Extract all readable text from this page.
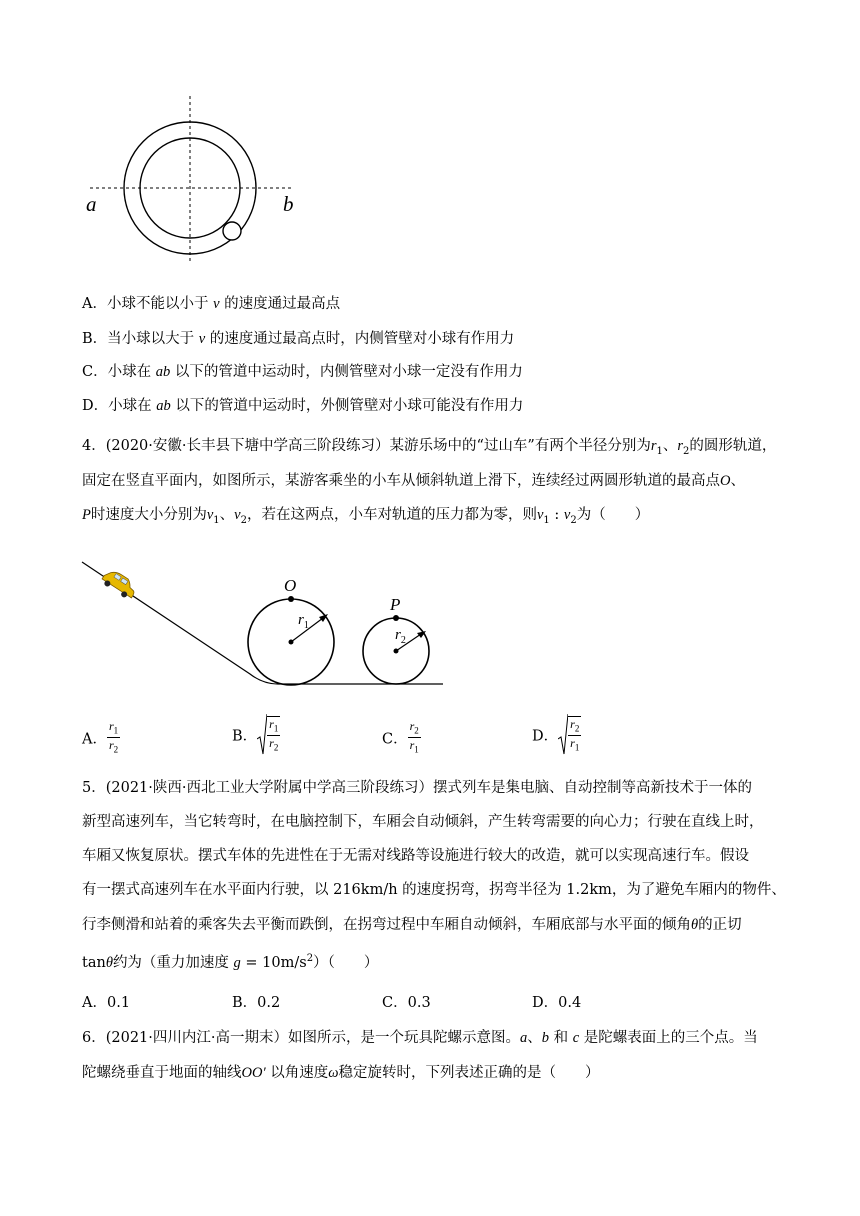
a	b
A．小球不能以小于 v 的速度通过最高点
B．当小球以大于 v 的速度通过最高点时，内侧管壁对小球有作用力
C．小球在 ab 以下的管道中运动时，内侧管壁对小球一定没有作用力
D．小球在 ab 以下的管道中运动时，外侧管壁对小球可能没有作用力
4．(2020·安徽·长丰县下塘中学高三阶段练习）某游乐场中的“过山车”有两个半径分别为$r_1$、$r_2$的圆形轨道，
固定在竖直平面内，如图所示，某游客乘坐的小车从倾斜轨道上滑下，连续经过两圆形轨道的最高点O、
P时速度大小分别为$v_1$、$v_2$，若在这两点，小车对轨道的压力都为零，则$v_1$ : $v_2$为（　　）
O
P
$r_1$
$r_2$
A． $\frac{r_1}{r_2}$	B． $\frac{r_1}{r_2}$	C． $\frac{r_2}{r_1}$	D． $\frac{r_2}{r_1}$
5．(2021·陕西·西北工业大学附属中学高三阶段练习）摆式列车是集电脑、自动控制等高新技术于一体的
新型高速列车，当它转弯时，在电脑控制下，车厢会自动倾斜，产生转弯需要的向心力；行驶在直线上时，
车厢又恢复原状。摆式车体的先进性在于无需对线路等设施进行较大的改造，就可以实现高速行车。假设
有一摆式高速列车在水平面内行驶，以 216km/h 的速度拐弯，拐弯半径为 1.2km，为了避免车厢内的物件、
行李侧滑和站着的乘客失去平衡而跌倒，在拐弯过程中车厢自动倾斜，车厢底部与水平面的倾角θ的正切
tanθ约为（重力加速度 $g = 10m/s^2$）（　　）
A．0.1	B．0.2	C．0.3	D．0.4
6．(2021·四川内江·高一期末）如图所示，是一个玩具陀螺示意图。a、b 和 c 是陀螺表面上的三个点。当
陀螺绕垂直于地面的轴线OO′ 以角速度ω稳定旋转时，下列表述正确的是（　　）
